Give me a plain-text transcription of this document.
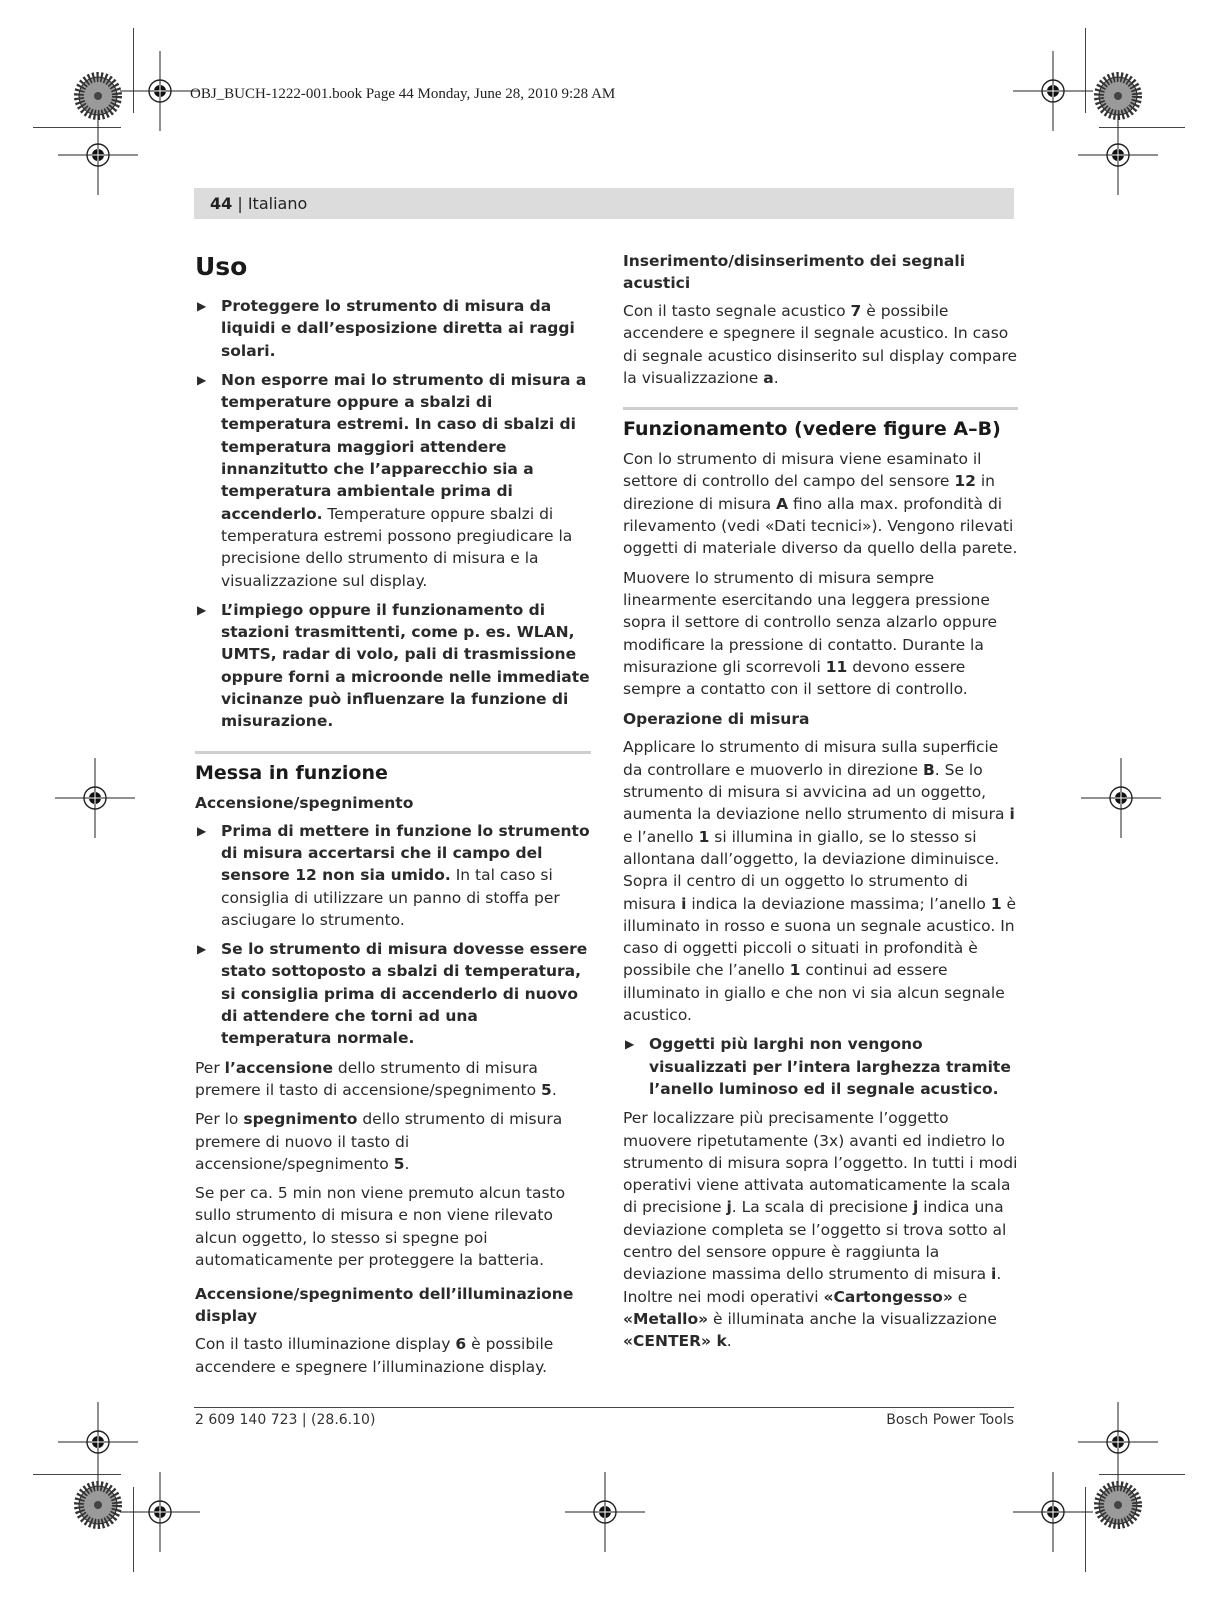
OBJ_BUCH-1222-001.book Page 44 Monday, June 28, 2010 9:28 AM
44 | Italiano

Uso

▶ Proteggere lo strumento di misura da liquidi e dall’esposizione diretta ai raggi solari.
▶ Non esporre mai lo strumento di misura a temperature oppure a sbalzi di temperatura estremi. In caso di sbalzi di temperatura maggiori attendere innanzitutto che l’apparecchio sia a temperatura ambientale prima di accenderlo. Temperature oppure sbalzi di temperatura estremi possono pregiudicare la precisione dello strumento di misura e la visualizzazione sul display.
▶ L’impiego oppure il funzionamento di stazioni trasmittenti, come p. es. WLAN, UMTS, radar di volo, pali di trasmissione oppure forni a microonde nelle immediate vicinanze può influenzare la funzione di misurazione.

Messa in funzione

Accensione/spegnimento

▶ Prima di mettere in funzione lo strumento di misura accertarsi che il campo del sensore 12 non sia umido. In tal caso si consiglia di utilizzare un panno di stoffa per asciugare lo strumento.
▶ Se lo strumento di misura dovesse essere stato sottoposto a sbalzi di temperatura, si consiglia prima di accenderlo di nuovo di attendere che torni ad una temperatura normale.

Per l’accensione dello strumento di misura premere il tasto di accensione/spegnimento 5.

Per lo spegnimento dello strumento di misura premere di nuovo il tasto di accensione/spegnimento 5.

Se per ca. 5 min non viene premuto alcun tasto sullo strumento di misura e non viene rilevato alcun oggetto, lo stesso si spegne poi automaticamente per proteggere la batteria.

Accensione/spegnimento dell’illuminazione display

Con il tasto illuminazione display 6 è possibile accendere e spegnere l’illuminazione display.

Inserimento/disinserimento dei segnali acustici

Con il tasto segnale acustico 7 è possibile accendere e spegnere il segnale acustico. In caso di segnale acustico disinserito sul display compare la visualizzazione a.

Funzionamento (vedere figure A–B)

Con lo strumento di misura viene esaminato il settore di controllo del campo del sensore 12 in direzione di misura A fino alla max. profondità di rilevamento (vedi «Dati tecnici»). Vengono rilevati oggetti di materiale diverso da quello della parete.

Muovere lo strumento di misura sempre linearmente esercitando una leggera pressione sopra il settore di controllo senza alzarlo oppure modificare la pressione di contatto. Durante la misurazione gli scorrevoli 11 devono essere sempre a contatto con il settore di controllo.

Operazione di misura

Applicare lo strumento di misura sulla superficie da controllare e muoverlo in direzione B. Se lo strumento di misura si avvicina ad un oggetto, aumenta la deviazione nello strumento di misura i e l’anello 1 si illumina in giallo, se lo stesso si allontana dall’oggetto, la deviazione diminuisce. Sopra il centro di un oggetto lo strumento di misura i indica la deviazione massima; l’anello 1 è illuminato in rosso e suona un segnale acustico. In caso di oggetti piccoli o situati in profondità è possibile che l’anello 1 continui ad essere illuminato in giallo e che non vi sia alcun segnale acustico.

▶ Oggetti più larghi non vengono visualizzati per l’intera larghezza tramite l’anello luminoso ed il segnale acustico.

Per localizzare più precisamente l’oggetto muovere ripetutamente (3x) avanti ed indietro lo strumento di misura sopra l’oggetto. In tutti i modi operativi viene attivata automaticamente la scala di precisione j. La scala di precisione j indica una deviazione completa se l’oggetto si trova sotto al centro del sensore oppure è raggiunta la deviazione massima dello strumento di misura i. Inoltre nei modi operativi «Cartongesso» e «Metallo» è illuminata anche la visualizzazione «CENTER» k.

2 609 140 723 | (28.6.10)	Bosch Power Tools
